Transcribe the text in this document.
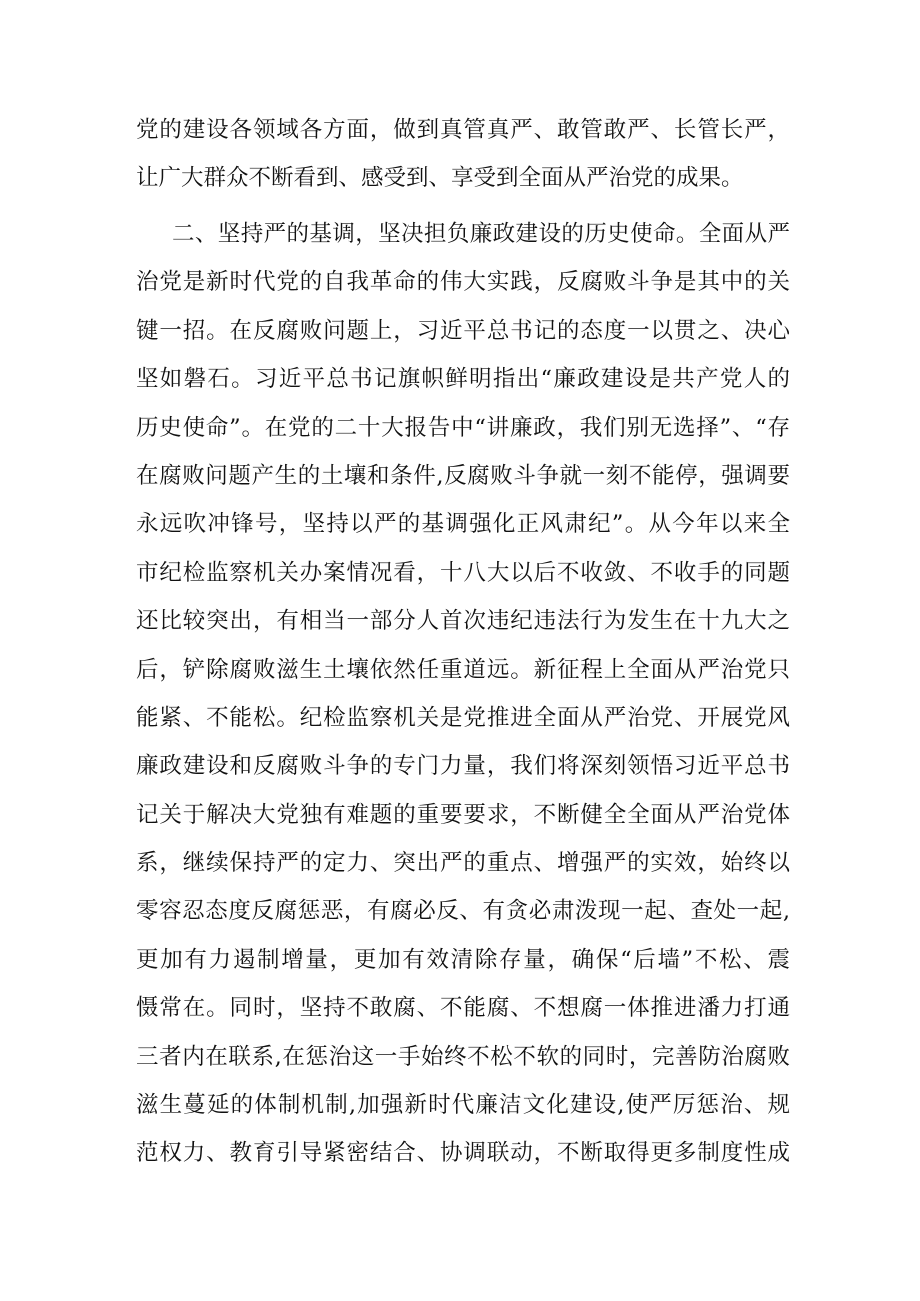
党的建设各领域各方面，做到真管真严、敢管敢严、长管长严，
让广大群众不断看到、感受到、享受到全面从严治党的成果。
二、坚持严的基调，坚决担负廉政建设的历史使命。全面从严
治党是新时代党的自我革命的伟大实践，反腐败斗争是其中的关
键一招。在反腐败问题上，习近平总书记的态度一以贯之、决心
坚如磐石。习近平总书记旗帜鲜明指出“廉政建设是共产党人的
历史使命”。在党的二十大报告中“讲廉政，我们别无选择”、“存
在腐败问题产生的土壤和条件,反腐败斗争就一刻不能停，强调要
永远吹冲锋号，坚持以严的基调强化正风肃纪”。从今年以来全
市纪检监察机关办案情况看，十八大以后不收敛、不收手的同题
还比较突出，有相当一部分人首次违纪违法行为发生在十九大之
后，铲除腐败滋生土壤依然任重道远。新征程上全面从严治党只
能紧、不能松。纪检监察机关是党推进全面从严治党、开展党风
廉政建设和反腐败斗争的专门力量，我们将深刻领悟习近平总书
记关于解决大党独有难题的重要要求，不断健全全面从严治党体
系，继续保持严的定力、突出严的重点、增强严的实效，始终以
零容忍态度反腐惩恶，有腐必反、有贪必肃泼现一起、查处一起,
更加有力遏制增量，更加有效清除存量，确保“后墙”不松、震
慑常在。同时，坚持不敢腐、不能腐、不想腐一体推进潘力打通
三者内在联系,在惩治这一手始终不松不软的同时，完善防治腐败
滋生蔓延的体制机制,加强新时代廉洁文化建设,使严厉惩治、规
范权力、教育引导紧密结合、协调联动，不断取得更多制度性成
